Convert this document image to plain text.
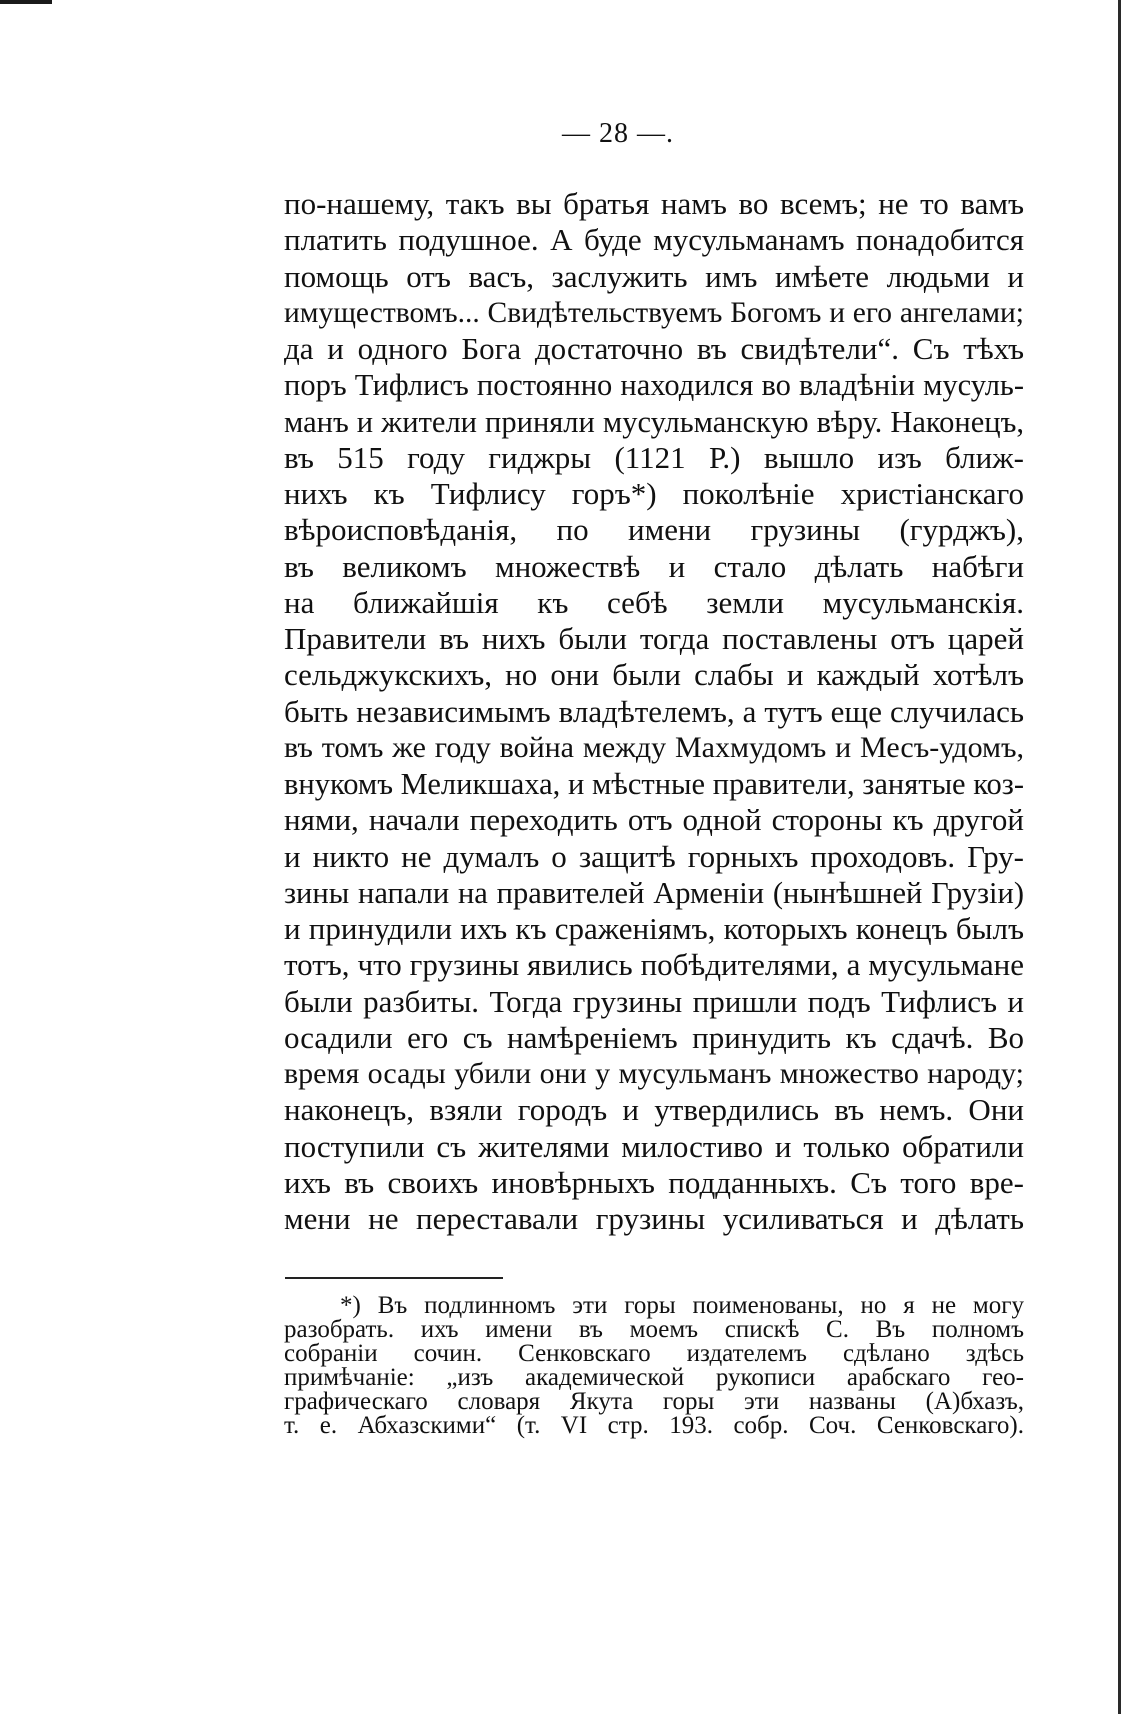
— 28 —.
по-нашему, такъ вы братья намъ во всемъ; не то вамъ
платить подушное. А буде мусульманамъ понадобится
помощь отъ васъ, заслужить имъ имѣете людьми и
имуществомъ... Свидѣтельствуемъ Богомъ и его ангелами;
да и одного Бога достаточно въ свидѣтели“. Съ тѣхъ
поръ Тифлисъ постоянно находился во владѣніи мусуль-
манъ и жители приняли мусульманскую вѣру. Наконецъ,
въ 515 году гиджры (1121 Р.) вышло изъ ближ-
нихъ къ Тифлису горъ*) поколѣніе христіанскаго
вѣроисповѣданія, по имени грузины (гурджъ),
въ великомъ множествѣ и стало дѣлать набѣги
на ближайшія къ себѣ земли мусульманскія.
Правители въ нихъ были тогда поставлены отъ царей
сельджукскихъ, но они были слабы и каждый хотѣлъ
быть независимымъ владѣтелемъ, а тутъ еще случилась
въ томъ же году война между Махмудомъ и Месъ-удомъ,
внукомъ Меликшаха, и мѣстные правители, занятые коз-
нями, начали переходить отъ одной стороны къ другой
и никто не думалъ о защитѣ горныхъ проходовъ. Гру-
зины напали на правителей Арменіи (нынѣшней Грузіи)
и принудили ихъ къ сраженіямъ, которыхъ конецъ былъ
тотъ, что грузины явились побѣдителями, а мусульмане
были разбиты. Тогда грузины пришли подъ Тифлисъ и
осадили его съ намѣреніемъ принудить къ сдачѣ. Во
время осады убили они у мусульманъ множество народу;
наконецъ, взяли городъ и утвердились въ немъ. Они
поступили съ жителями милостиво и только обратили
ихъ въ своихъ иновѣрныхъ подданныхъ. Съ того вре-
мени не переставали грузины усиливаться и дѣлать
*) Въ подлинномъ эти горы поименованы, но я не могу
разобрать. ихъ имени въ моемъ спискѣ С. Въ полномъ
собраніи сочин. Сенковскаго издателемъ сдѣлано здѣсь
примѣчаніе: „изъ академической рукописи арабскаго гео-
графическаго словаря Якута горы эти названы (А)бхазъ,
т. е. Абхазскими“ (т. VI стр. 193. собр. Соч. Сенковскаго).
